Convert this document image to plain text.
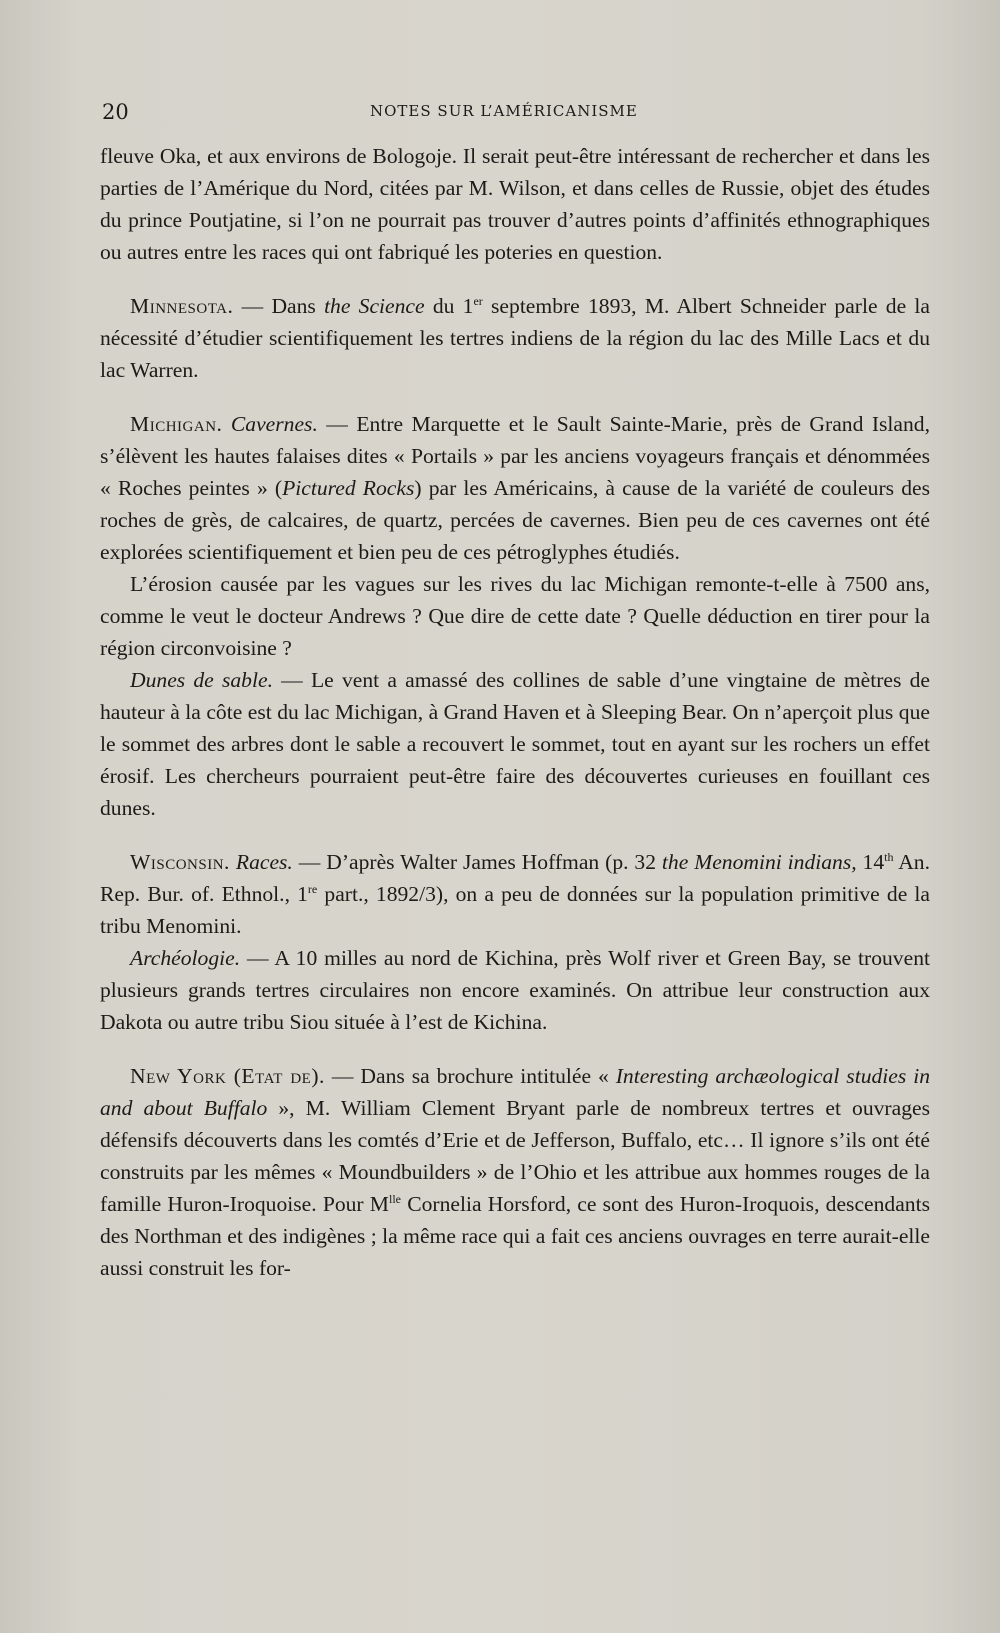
20	NOTES SUR L’AMÉRICANISME

fleuve Oka, et aux environs de Bologoje. Il serait peut-être intéressant de rechercher et dans les parties de l’Amérique du Nord, citées par M. Wilson, et dans celles de Russie, objet des études du prince Poutjatine, si l’on ne pourrait pas trouver d’autres points d’affinités ethnographiques ou autres entre les races qui ont fabriqué les poteries en question.

Minnesota. — Dans the Science du 1er septembre 1893, M. Albert Schneider parle de la nécessité d’étudier scientifiquement les tertres indiens de la région du lac des Mille Lacs et du lac Warren.

Michigan. Cavernes. — Entre Marquette et le Sault Sainte-Marie, près de Grand Island, s’élèvent les hautes falaises dites « Portails » par les anciens voyageurs français et dénommées « Roches peintes » (Pictured Rocks) par les Américains, à cause de la variété de couleurs des roches de grès, de calcaires, de quartz, percées de cavernes. Bien peu de ces cavernes ont été explorées scientifiquement et bien peu de ces pétroglyphes étudiés.

L’érosion causée par les vagues sur les rives du lac Michigan remonte-t-elle à 7500 ans, comme le veut le docteur Andrews ? Que dire de cette date ? Quelle déduction en tirer pour la région circonvoisine ?

Dunes de sable. — Le vent a amassé des collines de sable d’une vingtaine de mètres de hauteur à la côte est du lac Michigan, à Grand Haven et à Sleeping Bear. On n’aperçoit plus que le sommet des arbres dont le sable a recouvert le sommet, tout en ayant sur les rochers un effet érosif. Les chercheurs pourraient peut-être faire des découvertes curieuses en fouillant ces dunes.

Wisconsin. Races. — D’après Walter James Hoffman (p. 32 the Menomini indians, 14th An. Rep. Bur. of. Ethnol., 1re part., 1892/3), on a peu de données sur la population primitive de la tribu Menomini.

Archéologie. — A 10 milles au nord de Kichina, près Wolf river et Green Bay, se trouvent plusieurs grands tertres circulaires non encore examinés. On attribue leur construction aux Dakota ou autre tribu Siou située à l’est de Kichina.

New York (Etat de). — Dans sa brochure intitulée « Interesting archæological studies in and about Buffalo », M. William Clement Bryant parle de nombreux tertres et ouvrages défensifs découverts dans les comtés d’Erie et de Jefferson, Buffalo, etc… Il ignore s’ils ont été construits par les mêmes « Moundbuilders » de l’Ohio et les attribue aux hommes rouges de la famille Huron-Iroquoise. Pour $M^{lle}$ Cornelia Horsford, ce sont des Huron-Iroquois, descendants des Northman et des indigènes ; la même race qui a fait ces anciens ouvrages en terre aurait-elle aussi construit les for-
